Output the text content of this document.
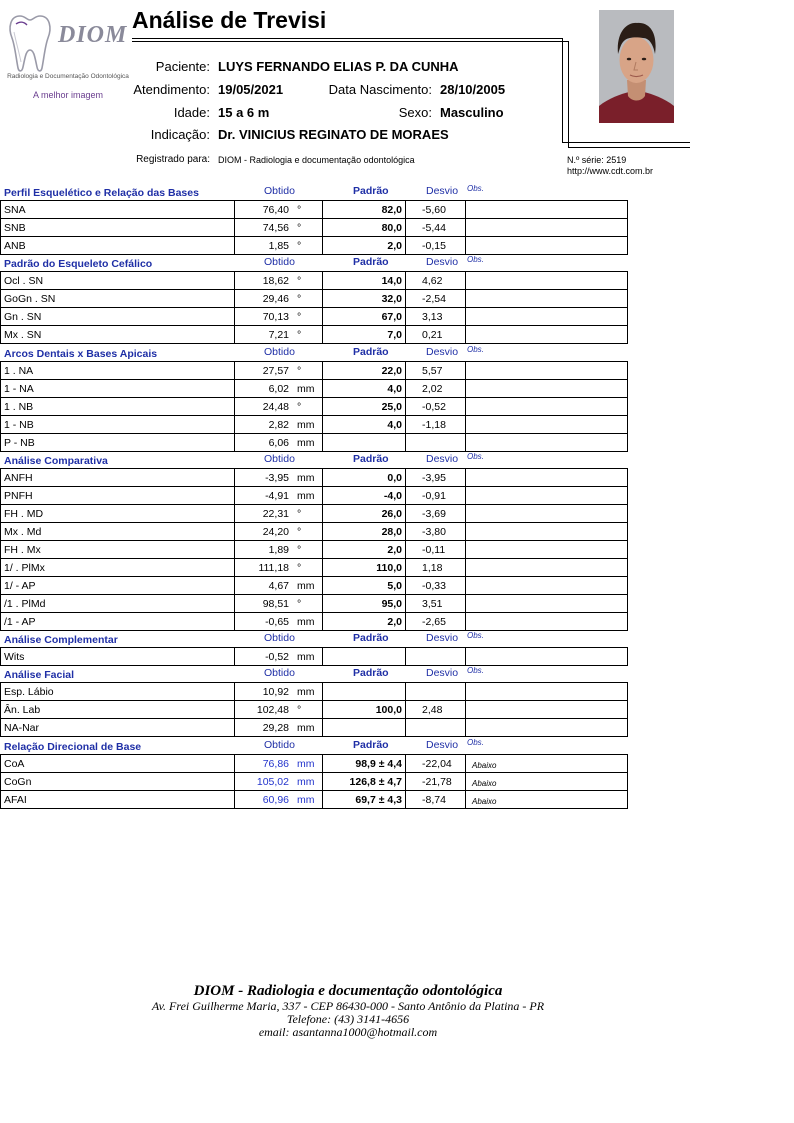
DIOM
Radiologia e Documentação Odontológica
A melhor imagem
Análise de Trevisi
Paciente: LUYS FERNANDO ELIAS P. DA CUNHA
Atendimento: 19/05/2021	Data Nascimento: 28/10/2005
Idade: 15 a 6 m	Sexo: Masculino
Indicação: Dr. VINICIUS REGINATO DE MORAES
Registrado para: DIOM - Radiologia e documentação odontológica	N.º série: 2519
http://www.cdt.com.br
Perfil Esquelético e Relação das Bases	Obtido	Padrão	Desvio Obs.
SNA	76,40 °	82,0	-5,60	
SNB	74,56 °	80,0	-5,44	
ANB	1,85 °	2,0	-0,15	
Padrão do Esqueleto Cefálico	Obtido	Padrão	Desvio Obs.
Ocl . SN	18,62 °	14,0	4,62	
GoGn . SN	29,46 °	32,0	-2,54	
Gn . SN	70,13 °	67,0	3,13	
Mx . SN	7,21 °	7,0	0,21	
Arcos Dentais x Bases Apicais	Obtido	Padrão	Desvio Obs.
1 . NA	27,57 °	22,0	5,57	
1 - NA	6,02 mm	4,0	2,02	
1 . NB	24,48 °	25,0	-0,52	
1 - NB	2,82 mm	4,0	-1,18	
P - NB	6,06 mm			
Análise Comparativa	Obtido	Padrão	Desvio Obs.
ANFH	-3,95 mm	0,0	-3,95	
PNFH	-4,91 mm	-4,0	-0,91	
FH . MD	22,31 °	26,0	-3,69	
Mx . Md	24,20 °	28,0	-3,80	
FH . Mx	1,89 °	2,0	-0,11	
1/ . PlMx	111,18 °	110,0	1,18	
1/ - AP	4,67 mm	5,0	-0,33	
/1 . PlMd	98,51 °	95,0	3,51	
/1 - AP	-0,65 mm	2,0	-2,65	
Análise Complementar	Obtido	Padrão	Desvio Obs.
Wits	-0,52 mm			
Análise Facial	Obtido	Padrão	Desvio Obs.
Esp. Lábio	10,92 mm			
Ân. Lab	102,48 °	100,0	2,48	
NA-Nar	29,28 mm			
Relação Direcional de Base	Obtido	Padrão	Desvio Obs.
CoA	76,86 mm	98,9 ± 4,4	-22,04	Abaixo
CoGn	105,02 mm	126,8 ± 4,7	-21,78	Abaixo
AFAI	60,96 mm	69,7 ± 4,3	-8,74	Abaixo
DIOM - Radiologia e documentação odontológica
Av. Frei Guilherme Maria, 337 - CEP 86430-000 - Santo Antônio da Platina - PR
Telefone: (43) 3141-4656
email: asantanna1000@hotmail.com
